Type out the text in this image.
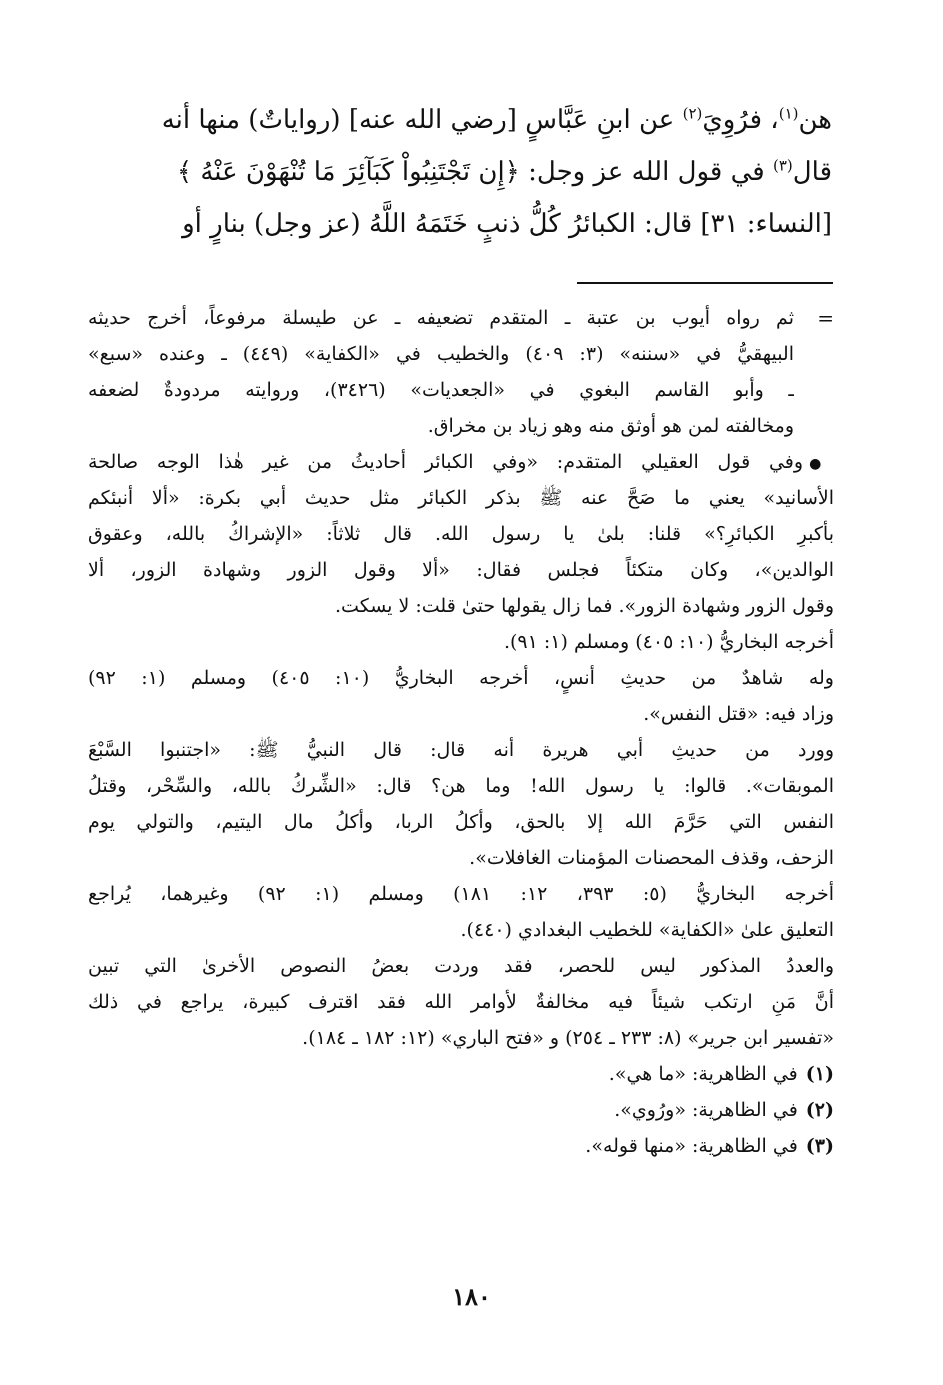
هن$^{(١)}$، فرُوِيَ$^{(٢)}$ عن ابنِ عَبَّاسٍ [رضي الله عنه] (رواياتٌ) منها أنه
قال$^{(٣)}$ في قول الله عز وجل: ﴿إِن تَجْتَنِبُواْ كَبَآئِرَ مَا تُنْهَوْنَ عَنْهُ ﴾
[النساء: ٣١] قال: الكبائرُ كُلُّ ذنبٍ خَتَمَهُ اللَّهُ (عز وجل) بنارٍ أو
=
ثم رواه أيوب بن عتبة ـ المتقدم تضعيفه ـ عن طيسلة مرفوعاً، أخرج حديثه
البيهقيُّ في «سننه» (٣: ٤٠٩) والخطيب في «الكفاية» (٤٤٩) ـ وعنده «سبع»
ـ وأبو القاسم البغوي في «الجعديات» (٣٤٢٦)، وروايته مردودةٌ لضعفه
ومخالفته لمن هو أوثق منه وهو زياد بن مخراق.
●وفي قول العقيلي المتقدم: «وفي الكبائر أحاديثُ من غير هٰذا الوجه صالحة
الأسانيد» يعني ما صَحَّ عنه ﷺ بذكر الكبائر مثل حديث أبي بكرة: «ألا أنبئكم
بأكبرِ الكبائرِ؟» قلنا: بلىٰ يا رسول الله. قال ثلاثاً: «الإشراكُ بالله، وعقوق
الوالدين»، وكان متكئاً فجلس فقال: «ألا وقول الزور وشهادة الزور، ألا
وقول الزور وشهادة الزور». فما زال يقولها حتىٰ قلت: لا يسكت.
أخرجه البخاريُّ (١٠: ٤٠٥) ومسلم (١: ٩١).
وله شاهدٌ من حديثِ أنسٍ، أخرجه البخاريُّ (١٠: ٤٠٥) ومسلم (١: ٩٢)
وزاد فيه: «قتل النفس».
وورد من حديثِ أبي هريرة أنه قال: قال النبيُّ ﷺ: «اجتنبوا السَّبْعَ
الموبقات». قالوا: يا رسول الله! وما هن؟ قال: «الشِّركُ بالله، والسِّحْر، وقتلُ
النفس التي حَرَّمَ الله إلا بالحق، وأكلُ الربا، وأكلُ مال اليتيم، والتولي يوم
الزحف، وقذف المحصنات المؤمنات الغافلات».
أخرجه البخاريُّ (٥: ٣٩٣، ١٢: ١٨١) ومسلم (١: ٩٢) وغيرهما، يُراجع
التعليق علىٰ «الكفاية» للخطيب البغدادي (٤٤٠).
والعددُ المذكور ليس للحصر، فقد وردت بعضُ النصوص الأخرىٰ التي تبين
أنَّ مَنِ ارتكب شيئاً فيه مخالفةٌ لأوامر الله فقد اقترف كبيرة، يراجع في ذلك
«تفسير ابن جرير» (٨: ٢٣٣ ـ ٢٥٤) و «فتح الباري» (١٢: ١٨٢ ـ ١٨٤).
(١)في الظاهرية: «ما هي».
(٢)في الظاهرية: «ورُوي».
(٣)في الظاهرية: «منها قوله».
١٨٠
